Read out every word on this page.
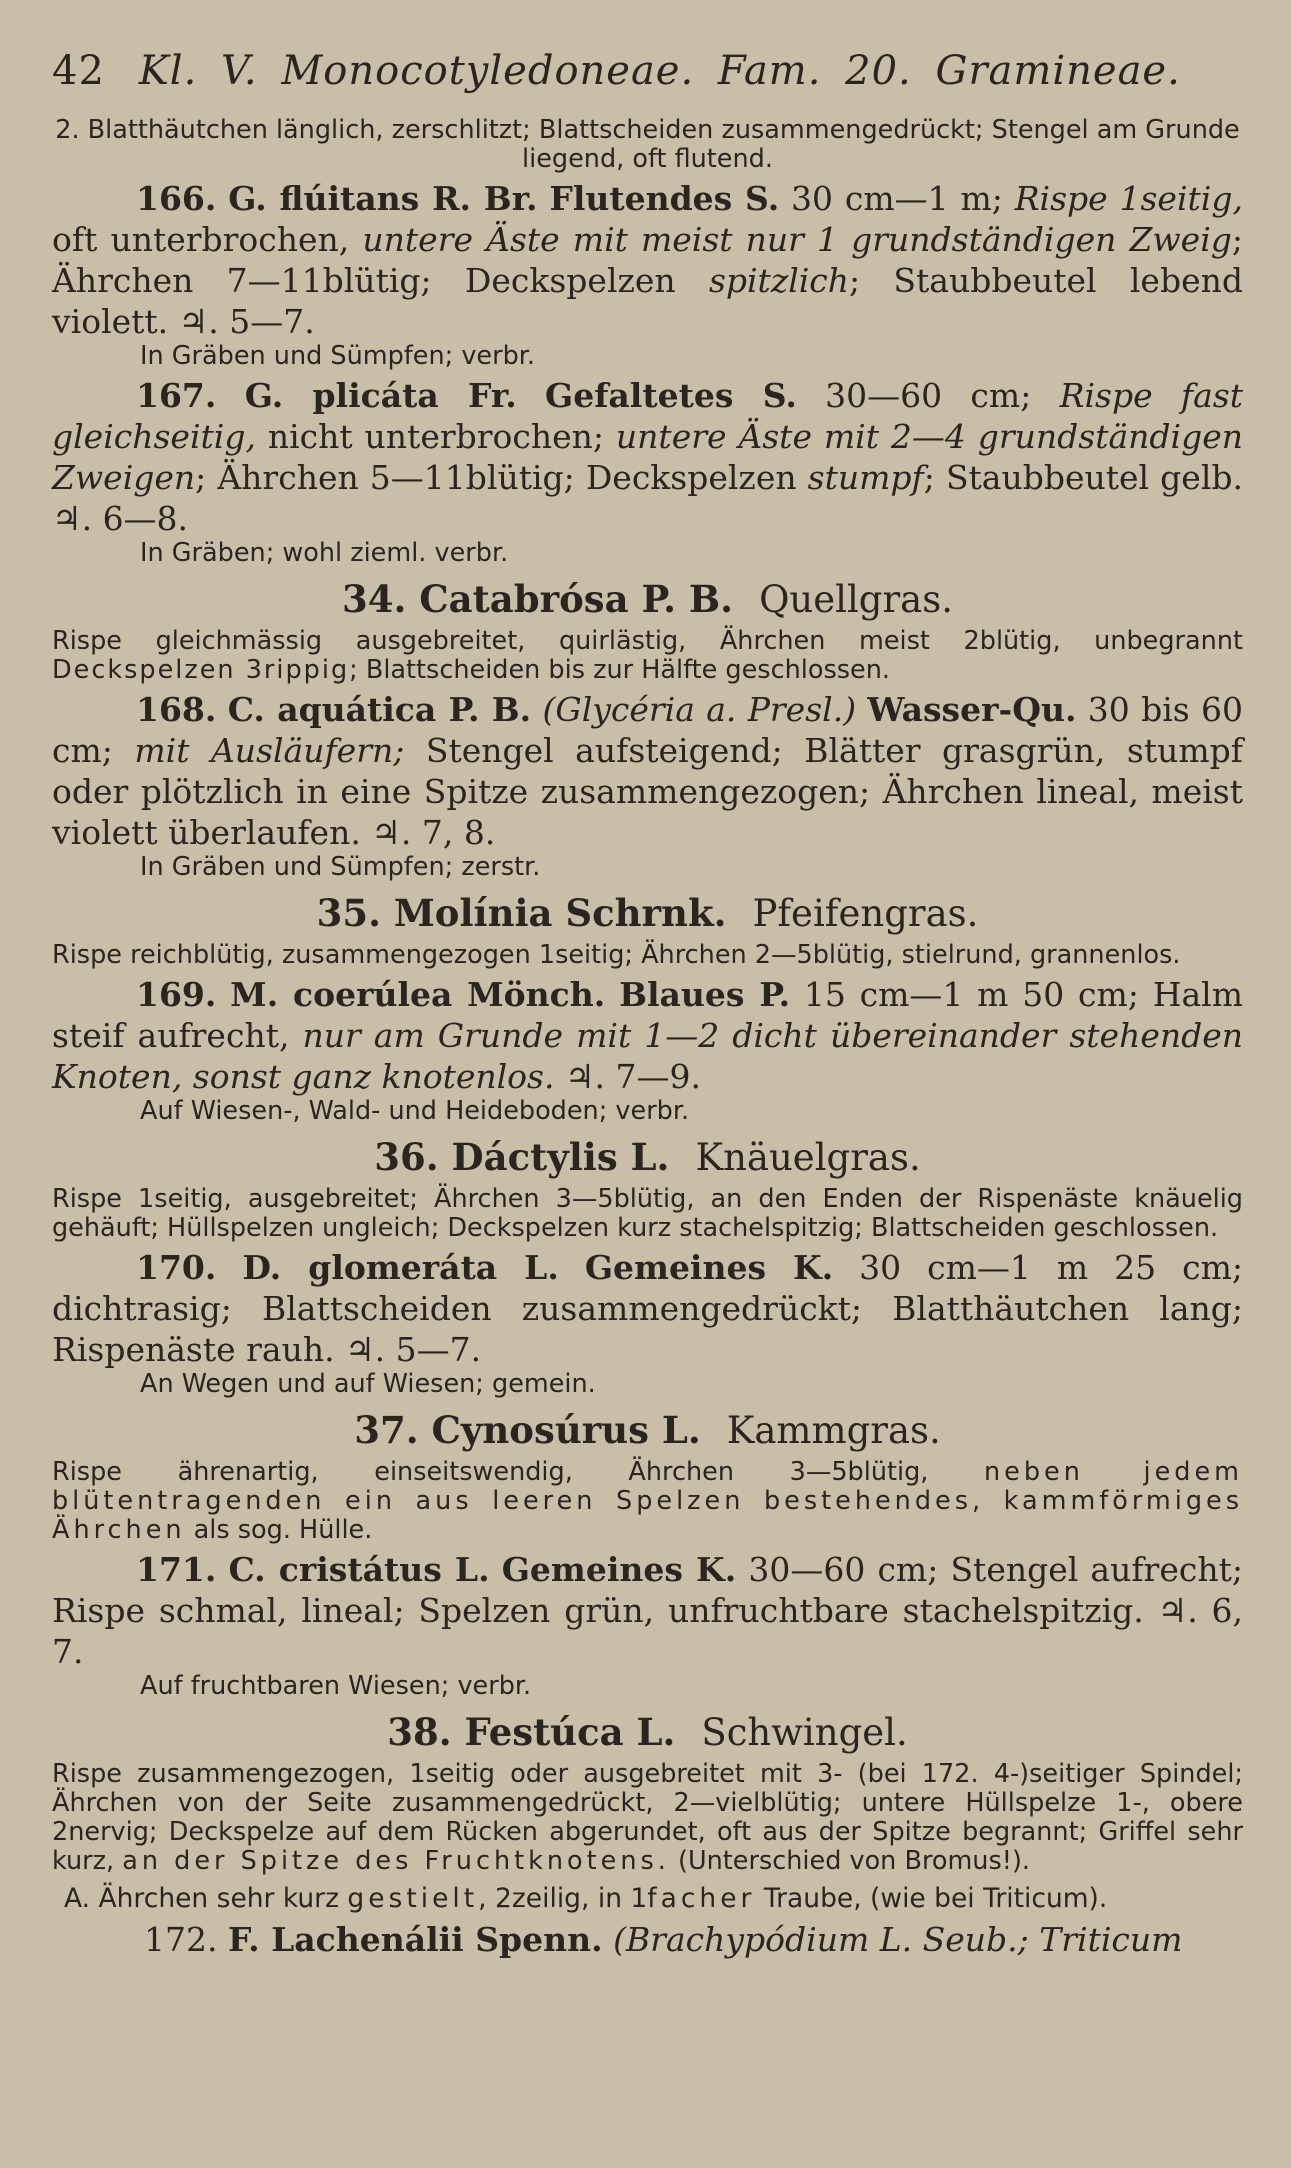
42 Kl. V. Monocotyledoneae. Fam. 20. Gramineae.

2. Blatthäutchen länglich, zerschlitzt; Blattscheiden zusammengedrückt; Stengel am Grunde liegend, oft flutend.

166. G. flúitans R. Br. Flutendes S. 30 cm—1 m; Rispe 1seitig, oft unterbrochen, untere Äste mit meist nur 1 grundständigen Zweig; Ährchen 7—11blütig; Deckspelzen spitzlich; Staubbeutel lebend violett. ♃. 5—7.

In Gräben und Sümpfen; verbr.

167. G. plicáta Fr. Gefaltetes S. 30—60 cm; Rispe fast gleichseitig, nicht unterbrochen; untere Äste mit 2—4 grundständigen Zweigen; Ährchen 5—11blütig; Deckspelzen stumpf; Staubbeutel gelb. ♃. 6—8.

In Gräben; wohl zieml. verbr.

34. Catabrósa P. B. Quellgras.

Rispe gleichmässig ausgebreitet, quirlästig, Ährchen meist 2blütig, unbegrannt Deckspelzen 3rippig; Blattscheiden bis zur Hälfte geschlossen.

168. C. aquática P. B. (Glycéria a. Presl.) Wasser-Qu. 30 bis 60 cm; mit Ausläufern; Stengel aufsteigend; Blätter grasgrün, stumpf oder plötzlich in eine Spitze zusammengezogen; Ährchen lineal, meist violett überlaufen. ♃. 7, 8.

In Gräben und Sümpfen; zerstr.

35. Molínia Schrnk. Pfeifengras.

Rispe reichblütig, zusammengezogen 1seitig; Ährchen 2—5blütig, stielrund, grannenlos.

169. M. coerúlea Mönch. Blaues P. 15 cm—1 m 50 cm; Halm steif aufrecht, nur am Grunde mit 1—2 dicht übereinander stehenden Knoten, sonst ganz knotenlos. ♃. 7—9.

Auf Wiesen-, Wald- und Heideboden; verbr.

36. Dáctylis L. Knäuelgras.

Rispe 1seitig, ausgebreitet; Ährchen 3—5blütig, an den Enden der Rispenäste knäuelig gehäuft; Hüllspelzen ungleich; Deckspelzen kurz stachelspitzig; Blattscheiden geschlossen.

170. D. glomeráta L. Gemeines K. 30 cm—1 m 25 cm; dichtrasig; Blattscheiden zusammengedrückt; Blatthäutchen lang; Rispenäste rauh. ♃. 5—7.

An Wegen und auf Wiesen; gemein.

37. Cynosúrus L. Kammgras.

Rispe ährenartig, einseitswendig, Ährchen 3—5blütig, neben jedem blütentragenden ein aus leeren Spelzen bestehendes, kammförmiges Ährchen als sog. Hülle.

171. C. cristátus L. Gemeines K. 30—60 cm; Stengel aufrecht; Rispe schmal, lineal; Spelzen grün, unfruchtbare stachelspitzig. ♃. 6, 7.

Auf fruchtbaren Wiesen; verbr.

38. Festúca L. Schwingel.

Rispe zusammengezogen, 1seitig oder ausgebreitet mit 3- (bei 172. 4-)seitiger Spindel; Ährchen von der Seite zusammengedrückt, 2—vielblütig; untere Hüllspelze 1-, obere 2nervig; Deckspelze auf dem Rücken abgerundet, oft aus der Spitze begrannt; Griffel sehr kurz, an der Spitze des Fruchtknotens. (Unterschied von Bromus!).

A. Ährchen sehr kurz gestielt, 2zeilig, in 1facher Traube, (wie bei Triticum).

172. F. Lachenálii Spenn. (Brachypódium L. Seub.; Triticum
